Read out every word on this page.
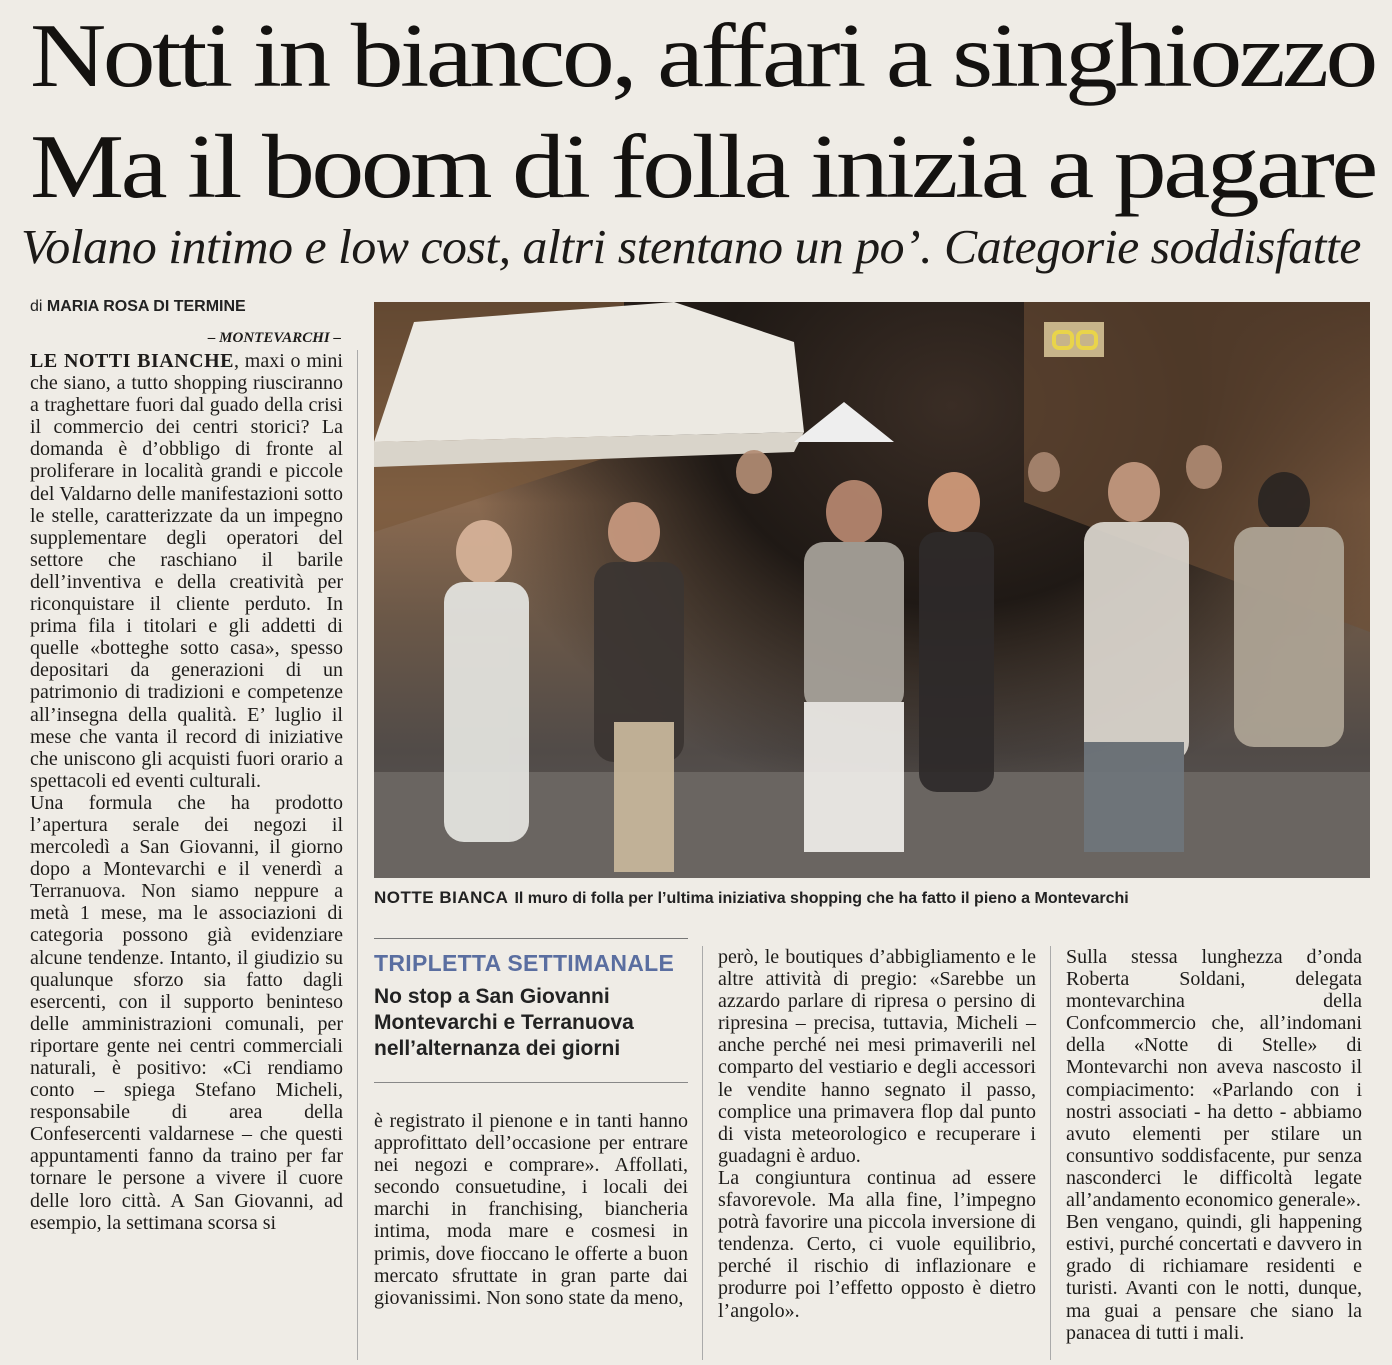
Notti in bianco, affari a singhiozzo
Ma il boom di folla inizia a pagare
Volano intimo e low cost, altri stentano un po’. Categorie soddisfatte
di MARIA ROSA DI TERMINE
– MONTEVARCHI –

LE NOTTI BIANCHE, maxi o mini che siano, a tutto shopping riusciranno a traghettare fuori dal guado della crisi il commercio dei centri storici? La domanda è d’obbligo di fronte al proliferare in località grandi e piccole del Valdarno delle manifestazioni sotto le stelle, caratterizzate da un impegno supplementare degli operatori del settore che raschiano il barile dell’inventiva e della creatività per riconquistare il cliente perduto. In prima fila i titolari e gli addetti di quelle «botteghe sotto casa», spesso depositari da generazioni di un patrimonio di tradizioni e competenze all’insegna della qualità. E’ luglio il mese che vanta il record di iniziative che uniscono gli acquisti fuori orario a spettacoli ed eventi culturali.

Una formula che ha prodotto l’apertura serale dei negozi il mercoledì a San Giovanni, il giorno dopo a Montevarchi e il venerdì a Terranuova. Non siamo neppure a metà 1 mese, ma le associazioni di categoria possono già evidenziare alcune tendenze. Intanto, il giudizio su qualunque sforzo sia fatto dagli esercenti, con il supporto beninteso delle amministrazioni comunali, per riportare gente nei centri commerciali naturali, è positivo: «Ci rendiamo conto – spiega Stefano Micheli, responsabile di area della Confesercenti valdarnese – che questi appuntamenti fanno da traino per far tornare le persone a vivere il cuore delle loro città. A San Giovanni, ad esempio, la settimana scorsa si

NOTTE BIANCA Il muro di folla per l’ultima iniziativa shopping che ha fatto il pieno a Montevarchi
TRIPLETTA SETTIMANALE
No stop a San Giovanni
Montevarchi e Terranuova
nell’alternanza dei giorni

è registrato il pienone e in tanti hanno approfittato dell’occasione per entrare nei negozi e comprare». Affollati, secondo consuetudine, i locali dei marchi in franchising, biancheria intima, moda mare e cosmesi in primis, dove fioccano le offerte a buon mercato sfruttate in gran parte dai giovanissimi. Non sono state da meno,

però, le boutiques d’abbigliamento e le altre attività di pregio: «Sarebbe un azzardo parlare di ripresa o persino di ripresina – precisa, tuttavia, Micheli – anche perché nei mesi primaverili nel comparto del vestiario e degli accessori le vendite hanno segnato il passo, complice una primavera flop dal punto di vista meteorologico e recuperare i guadagni è arduo.

La congiuntura continua ad essere sfavorevole. Ma alla fine, l’impegno potrà favorire una piccola inversione di tendenza. Certo, ci vuole equilibrio, perché il rischio di inflazionare e produrre poi l’effetto opposto è dietro l’angolo».

Sulla stessa lunghezza d’onda Roberta Soldani, delegata montevarchina della Confcommercio che, all’indomani della «Notte di Stelle» di Montevarchi non aveva nascosto il compiacimento: «Parlando con i nostri associati - ha detto - abbiamo avuto elementi per stilare un consuntivo soddisfacente, pur senza nasconderci le difficoltà legate all’andamento economico generale».

Ben vengano, quindi, gli happening estivi, purché concertati e davvero in grado di richiamare residenti e turisti. Avanti con le notti, dunque, ma guai a pensare che siano la panacea di tutti i mali.
